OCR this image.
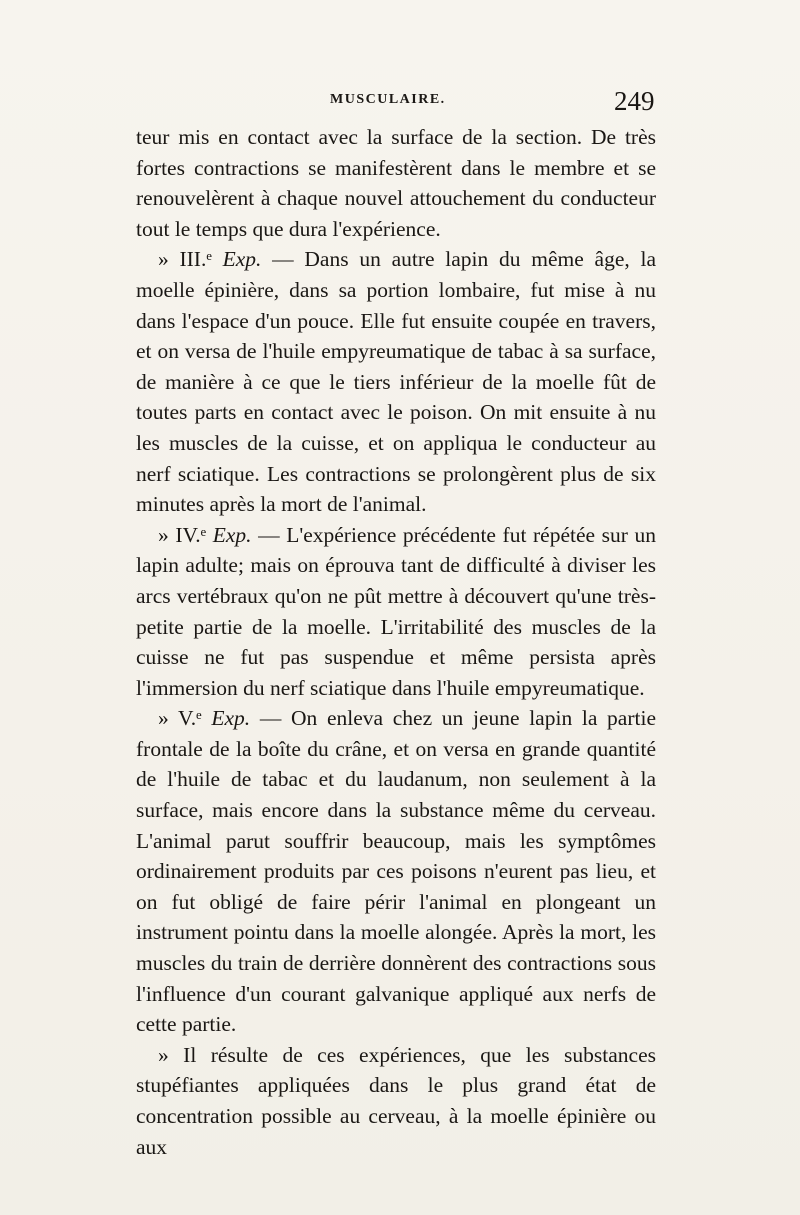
MUSCULAIRE.	249

teur mis en contact avec la surface de la section. De très fortes contractions se manifestèrent dans le membre et se renouvelèrent à chaque nouvel attouchement du conducteur tout le temps que dura l'expérience.

» III.ᵉ Exp. — Dans un autre lapin du même âge, la moelle épinière, dans sa portion lombaire, fut mise à nu dans l'espace d'un pouce. Elle fut ensuite coupée en travers, et on versa de l'huile empyreumatique de tabac à sa surface, de manière à ce que le tiers inférieur de la moelle fût de toutes parts en contact avec le poison. On mit ensuite à nu les muscles de la cuisse, et on appliqua le conducteur au nerf sciatique. Les contractions se prolongèrent plus de six minutes après la mort de l'animal.

» IV.ᵉ Exp. — L'expérience précédente fut répétée sur un lapin adulte; mais on éprouva tant de difficulté à diviser les arcs vertébraux qu'on ne pût mettre à découvert qu'une très-petite partie de la moelle. L'irritabilité des muscles de la cuisse ne fut pas suspendue et même persista après l'immersion du nerf sciatique dans l'huile empyreumatique.

» V.ᵉ Exp. — On enleva chez un jeune lapin la partie frontale de la boîte du crâne, et on versa en grande quantité de l'huile de tabac et du laudanum, non seulement à la surface, mais encore dans la substance même du cerveau. L'animal parut souffrir beaucoup, mais les symptômes ordinairement produits par ces poisons n'eurent pas lieu, et on fut obligé de faire périr l'animal en plongeant un instrument pointu dans la moelle alongée. Après la mort, les muscles du train de derrière donnèrent des contractions sous l'influence d'un courant galvanique appliqué aux nerfs de cette partie.

» Il résulte de ces expériences, que les substances stupéfiantes appliquées dans le plus grand état de concentration possible au cerveau, à la moelle épinière ou aux
